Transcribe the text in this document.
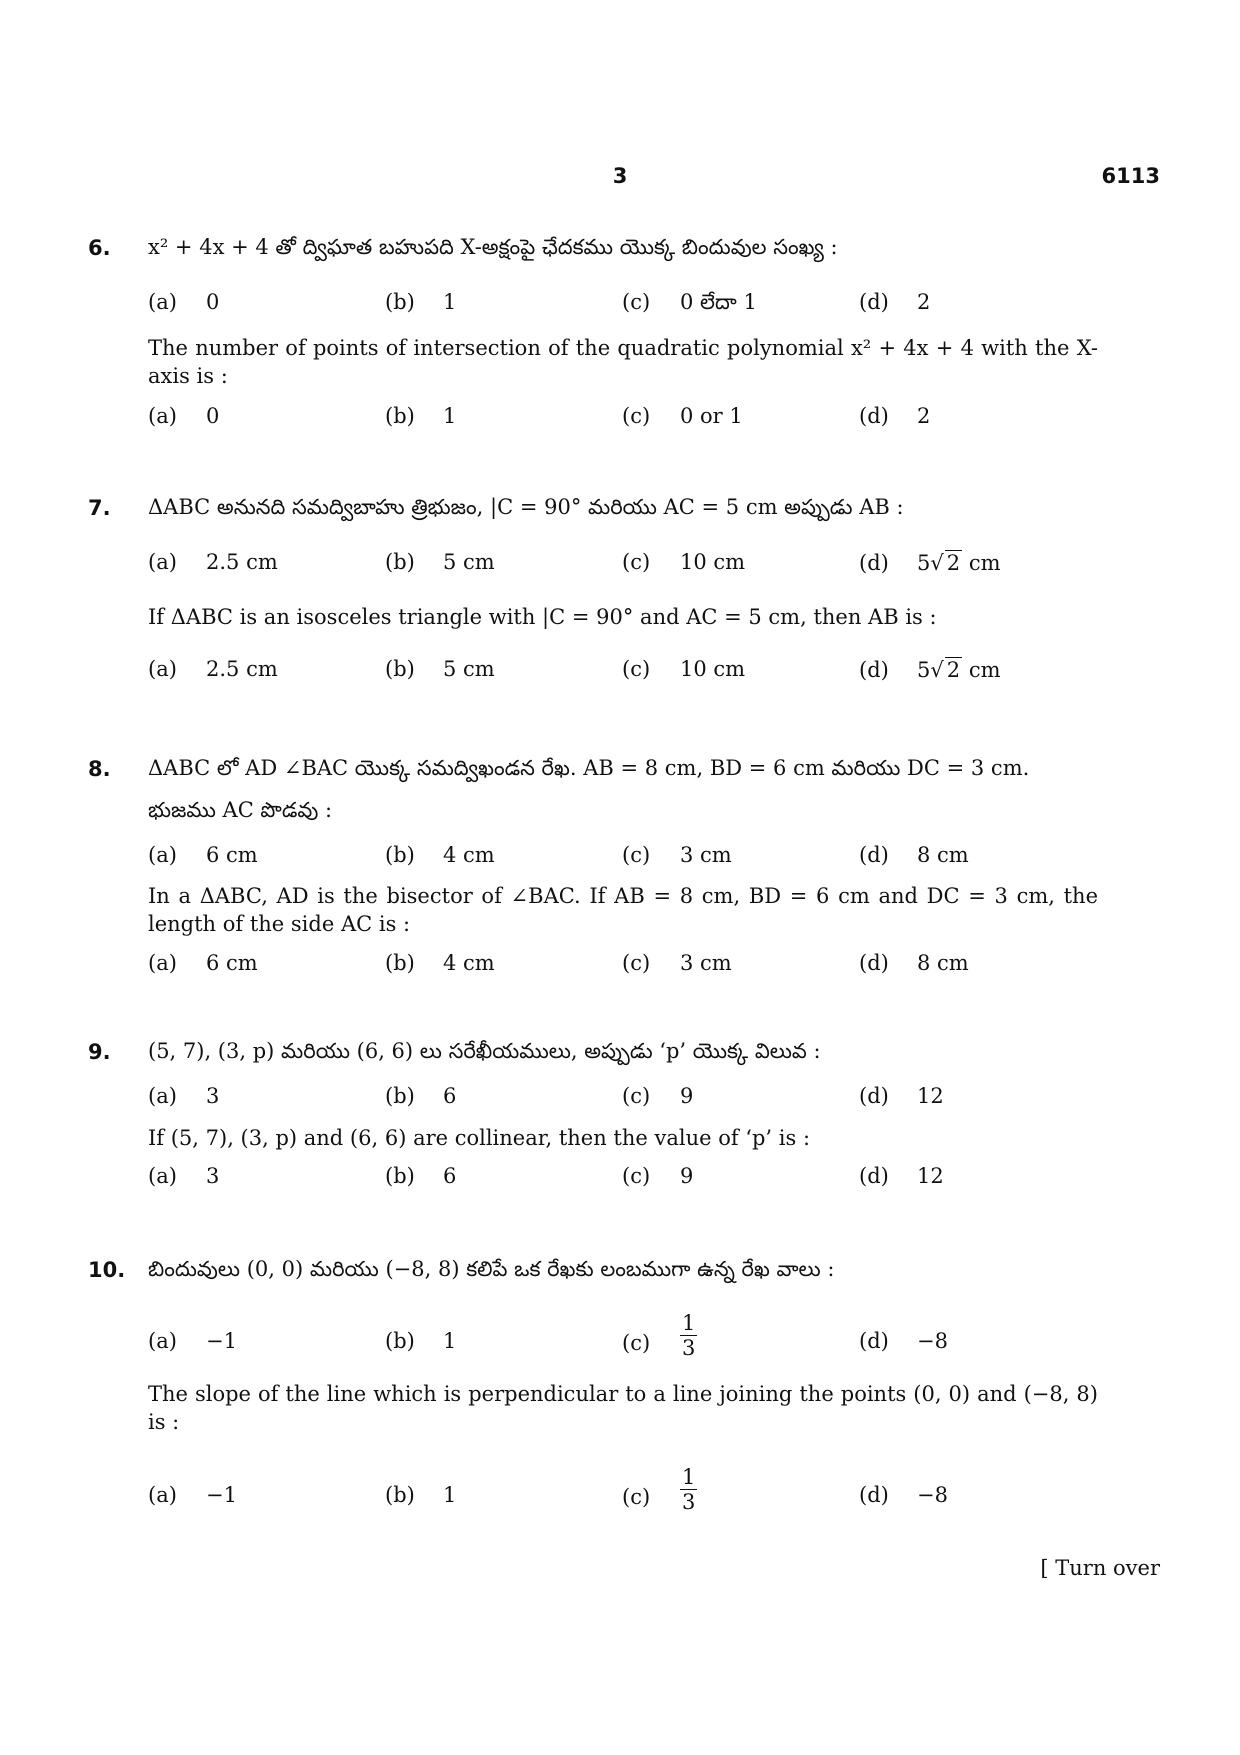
3	6113
6.	x² + 4x + 4 తో ద్విఘాత బహుపది X-అక్షంపై ఛేదకము యొక్క బిందువుల సంఖ్య :
(a) 0	(b) 1	(c) 0 లేదా 1	(d) 2
The number of points of intersection of the quadratic polynomial x² + 4x + 4 with the X-axis is :
(a) 0	(b) 1	(c) 0 or 1	(d) 2
7.	ΔABC అనునది సమద్విబాహు త్రిభుజం, |C = 90° మరియు AC = 5 cm అప్పుడు AB :
(a) 2.5 cm	(b) 5 cm	(c) 10 cm	(d) 5√ 2 cm
If ΔABC is an isosceles triangle with |C = 90° and AC = 5 cm, then AB is :
(a) 2.5 cm	(b) 5 cm	(c) 10 cm	(d) 5√ 2 cm
8.	ΔABC లో AD ∠BAC యొక్క సమద్విఖండన రేఖ. AB = 8 cm, BD = 6 cm మరియు DC = 3 cm.
భుజము AC పొడవు :
(a) 6 cm	(b) 4 cm	(c) 3 cm	(d) 8 cm
In a ΔABC, AD is the bisector of ∠BAC. If AB = 8 cm, BD = 6 cm and DC = 3 cm, the length of the side AC is :
(a) 6 cm	(b) 4 cm	(c) 3 cm	(d) 8 cm
9.	(5, 7), (3, p) మరియు (6, 6) లు సరేఖీయములు, అప్పుడు ‘p’ యొక్క విలువ :
(a) 3	(b) 6	(c) 9	(d) 12
If (5, 7), (3, p) and (6, 6) are collinear, then the value of ‘p’ is :
(a) 3	(b) 6	(c) 9	(d) 12
10.	బిందువులు (0, 0) మరియు (−8, 8) కలిపే ఒక రేఖకు లంబముగా ఉన్న రేఖ వాలు :
(a) −1	(b) 1	$(c) \frac{1}{3}$	(d) −8
The slope of the line which is perpendicular to a line joining the points (0, 0) and (−8, 8) is :
(a) −1	(b) 1	$(c) \frac{1}{3}$	(d) −8
[ Turn over
